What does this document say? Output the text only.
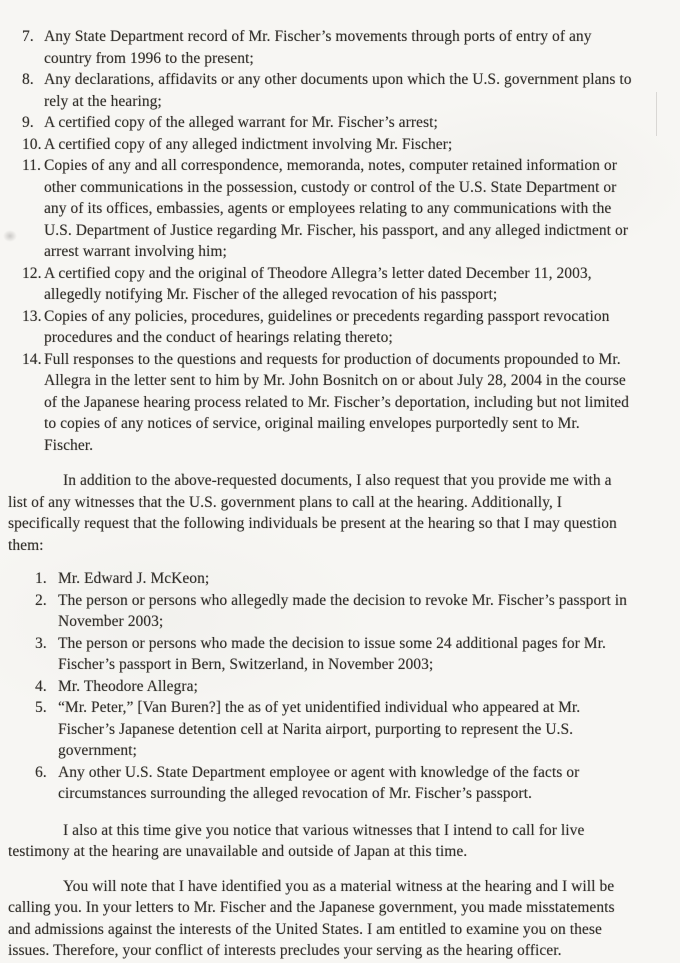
7. Any State Department record of Mr. Fischer’s movements through ports of entry of any country from 1996 to the present;
8. Any declarations, affidavits or any other documents upon which the U.S. government plans to rely at the hearing;
9. A certified copy of the alleged warrant for Mr. Fischer’s arrest;
10. A certified copy of any alleged indictment involving Mr. Fischer;
11. Copies of any and all correspondence, memoranda, notes, computer retained information or other communications in the possession, custody or control of the U.S. State Department or any of its offices, embassies, agents or employees relating to any communications with the U.S. Department of Justice regarding Mr. Fischer, his passport, and any alleged indictment or arrest warrant involving him;
12. A certified copy and the original of Theodore Allegra’s letter dated December 11, 2003, allegedly notifying Mr. Fischer of the alleged revocation of his passport;
13. Copies of any policies, procedures, guidelines or precedents regarding passport revocation procedures and the conduct of hearings relating thereto;
14. Full responses to the questions and requests for production of documents propounded to Mr. Allegra in the letter sent to him by Mr. John Bosnitch on or about July 28, 2004 in the course of the Japanese hearing process related to Mr. Fischer’s deportation, including but not limited to copies of any notices of service, original mailing envelopes purportedly sent to Mr. Fischer.

In addition to the above-requested documents, I also request that you provide me with a list of any witnesses that the U.S. government plans to call at the hearing. Additionally, I specifically request that the following individuals be present at the hearing so that I may question them:

1. Mr. Edward J. McKeon;
2. The person or persons who allegedly made the decision to revoke Mr. Fischer’s passport in November 2003;
3. The person or persons who made the decision to issue some 24 additional pages for Mr. Fischer’s passport in Bern, Switzerland, in November 2003;
4. Mr. Theodore Allegra;
5. “Mr. Peter,” [Van Buren?] the as of yet unidentified individual who appeared at Mr. Fischer’s Japanese detention cell at Narita airport, purporting to represent the U.S. government;
6. Any other U.S. State Department employee or agent with knowledge of the facts or circumstances surrounding the alleged revocation of Mr. Fischer’s passport.

I also at this time give you notice that various witnesses that I intend to call for live testimony at the hearing are unavailable and outside of Japan at this time.

You will note that I have identified you as a material witness at the hearing and I will be calling you. In your letters to Mr. Fischer and the Japanese government, you made misstatements and admissions against the interests of the United States. I am entitled to examine you on these issues. Therefore, your conflict of interests precludes your serving as the hearing officer.
